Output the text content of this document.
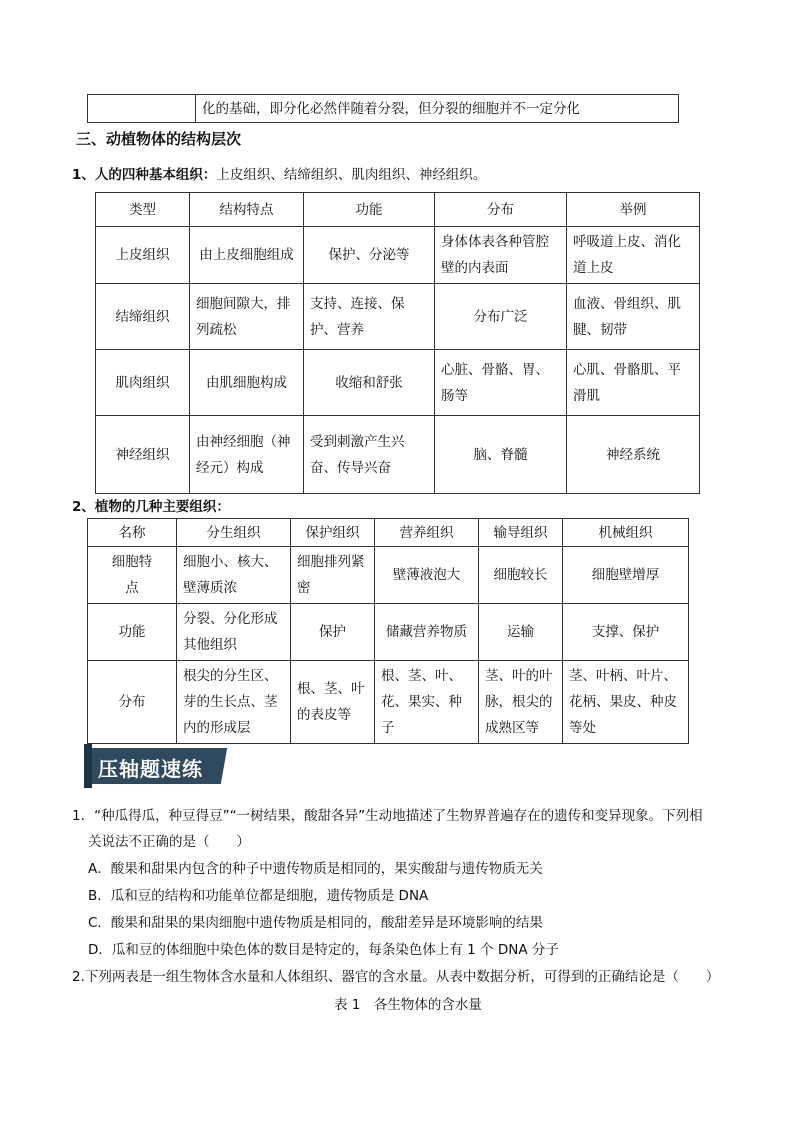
	化的基础，即分化必然伴随着分裂，但分裂的细胞并不一定分化
三、动植物体的结构层次
1、人的四种基本组织：上皮组织、结缔组织、肌肉组织、神经组织。
类型	结构特点	功能	分布	举例
上皮组织	由上皮细胞组成	保护、分泌等	身体体表各种管腔壁的内表面	呼吸道上皮、消化道上皮
结缔组织	细胞间隙大，排列疏松	支持、连接、保护、营养	分布广泛	血液、骨组织、肌腱、韧带
肌肉组织	由肌细胞构成	收缩和舒张	心脏、骨骼、胃、肠等	心肌、骨骼肌、平滑肌
神经组织	由神经细胞（神经元）构成	受到刺激产生兴奋、传导兴奋	脑、脊髓	神经系统
2、植物的几种主要组织：
名称	分生组织	保护组织	营养组织	输导组织	机械组织
细胞特点	细胞小、核大、壁薄质浓	细胞排列紧密	壁薄液泡大	细胞较长	细胞壁增厚
功能	分裂、分化形成其他组织	保护	储藏营养物质	运输	支撑、保护
分布	根尖的分生区、芽的生长点、茎内的形成层	根、茎、叶的表皮等	根、茎、叶、花、果实、种子	茎、叶的叶脉，根尖的成熟区等	茎、叶柄、叶片、花柄、果皮、种皮等处
压轴题速练
1．“种瓜得瓜，种豆得豆”“一树结果，酸甜各异”生动地描述了生物界普遍存在的遗传和变异现象。下列相
关说法不正确的是（　　）
A．酸果和甜果内包含的种子中遗传物质是相同的，果实酸甜与遗传物质无关
B．瓜和豆的结构和功能单位都是细胞，遗传物质是 DNA
C．酸果和甜果的果肉细胞中遗传物质是相同的，酸甜差异是环境影响的结果
D．瓜和豆的体细胞中染色体的数目是特定的，每条染色体上有 1 个 DNA 分子
2.下列两表是一组生物体含水量和人体组织、器官的含水量。从表中数据分析，可得到的正确结论是（　　）
表 1　各生物体的含水量
